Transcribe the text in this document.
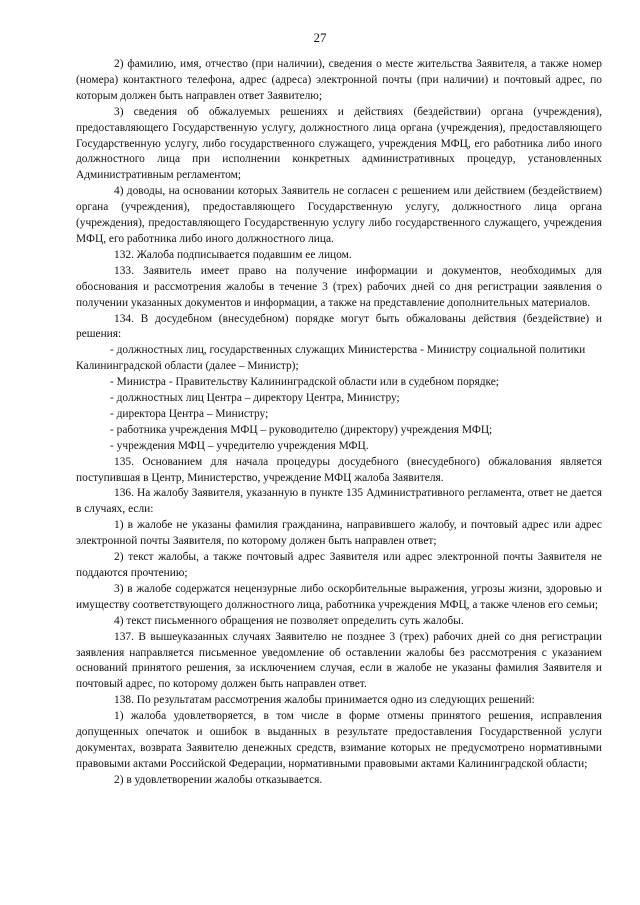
27

2) фамилию, имя, отчество (при наличии), сведения о месте жительства Заявителя, а также номер (номера) контактного телефона, адрес (адреса) электронной почты (при наличии) и почтовый адрес, по которым должен быть направлен ответ Заявителю;

3) сведения об обжалуемых решениях и действиях (бездействии) органа (учреждения), предоставляющего Государственную услугу, должностного лица органа (учреждения), предоставляющего Государственную услугу, либо государственного служащего, учреждения МФЦ, его работника либо иного должностного лица при исполнении конкретных административных процедур, установленных Административным регламентом;

4) доводы, на основании которых Заявитель не согласен с решением или действием (бездействием) органа (учреждения), предоставляющего Государственную услугу, должностного лица органа (учреждения), предоставляющего Государственную услугу либо государственного служащего, учреждения МФЦ, его работника либо иного должностного лица.

132. Жалоба подписывается подавшим ее лицом.

133. Заявитель имеет право на получение информации и документов, необходимых для обоснования и рассмотрения жалобы в течение 3 (трех) рабочих дней со дня регистрации заявления о получении указанных документов и информации, а также на представление дополнительных материалов.

134. В досудебном (внесудебном) порядке могут быть обжалованы действия (бездействие) и решения:

- должностных лиц, государственных служащих Министерства - Министру социальной политики Калининградской области (далее – Министр);

- Министра - Правительству Калининградской области или в судебном порядке;

- должностных лиц Центра – директору Центра, Министру;

- директора Центра – Министру;

- работника учреждения МФЦ – руководителю (директору) учреждения МФЦ;

- учреждения МФЦ – учредителю учреждения МФЦ.

135. Основанием для начала процедуры досудебного (внесудебного) обжалования является поступившая в Центр, Министерство, учреждение МФЦ жалоба Заявителя.

136. На жалобу Заявителя, указанную в пункте 135 Административного регламента, ответ не дается в случаях, если:

1) в жалобе не указаны фамилия гражданина, направившего жалобу, и почтовый адрес или адрес электронной почты Заявителя, по которому должен быть направлен ответ;

2) текст жалобы, а также почтовый адрес Заявителя или адрес электронной почты Заявителя не поддаются прочтению;

3) в жалобе содержатся нецензурные либо оскорбительные выражения, угрозы жизни, здоровью и имуществу соответствующего должностного лица, работника учреждения МФЦ, а также членов его семьи;

4) текст письменного обращения не позволяет определить суть жалобы.

137. В вышеуказанных случаях Заявителю не позднее 3 (трех) рабочих дней со дня регистрации заявления направляется письменное уведомление об оставлении жалобы без рассмотрения с указанием оснований принятого решения, за исключением случая, если в жалобе не указаны фамилия Заявителя и почтовый адрес, по которому должен быть направлен ответ.

138. По результатам рассмотрения жалобы принимается одно из следующих решений:

1) жалоба удовлетворяется, в том числе в форме отмены принятого решения, исправления допущенных опечаток и ошибок в выданных в результате предоставления Государственной услуги документах, возврата Заявителю денежных средств, взимание которых не предусмотрено нормативными правовыми актами Российской Федерации, нормативными правовыми актами Калининградской области;

2) в удовлетворении жалобы отказывается.
